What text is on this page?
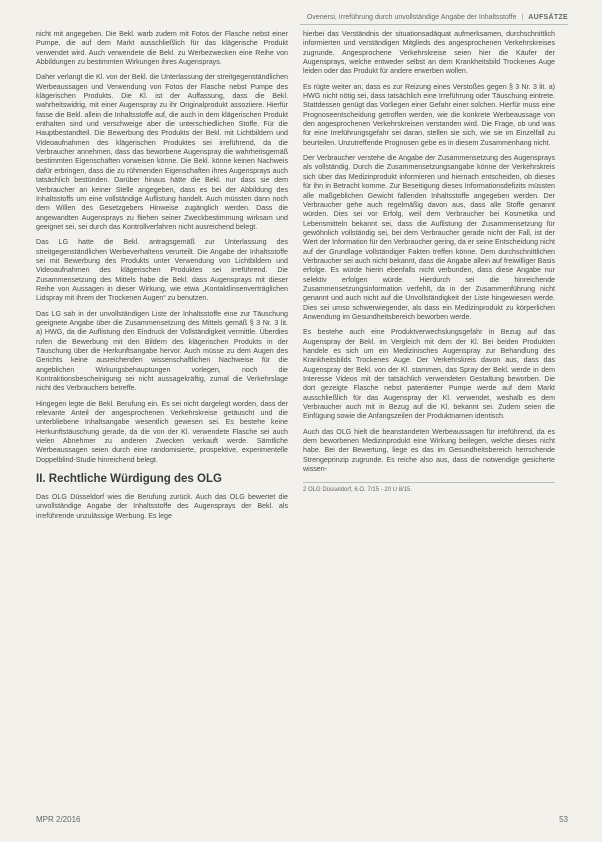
Ovenersi, Irreführung durch unvollständige Angabe der Inhaltsstoffe | AUFSÄTZE

nicht mit angegeben. Die Bekl. warb zudem mit Fotos der Flasche nebst einer Pumpe, die auf dem Markt ausschließlich für das klägerische Produkt verwendet wird. Auch verwendete die Bekl. zu Werbezwecken eine Reihe von Abbildungen zu bestimmten Wirkungen ihres Augensprays.

Daher verlangt die Kl. von der Bekl. die Unterlassung der streitgegenständlichen Werbeaussagen und Verwendung von Fotos der Flasche nebst Pumpe des klägerischen Produkts. Die Kl. ist der Auffassung, dass die Bekl. wahrheitswidrig, mit einer Augenspray zu ihr Originalprodukt assoziiere. Hierfür fasse die Bekl. allein die Inhaltsstoffe auf, die auch in dem klägerischen Produkt enthalten sind und verschweige aber die unterschiedlichen Stoffe. Für die Hauptbestandteil. Die Bewerbung des Produkts der Bekl. mit Lichtbildern und Videoaufnahmen des klägerischen Produktes sei irreführend, da die Verbraucher annehmen, dass das beworbene Augenspray die wahrheitsgemäß bestimmten Eigenschaften vorweisen könne. Die Bekl. könne keinen Nachweis dafür erbringen, dass die zu rühmenden Eigenschaften ihres Augensprays auch tatsächlich bestünden. Darüber hinaus hätte die Bekl. nur dass sie dem Verbraucher an keiner Stelle angegeben, dass es bei der Abbildung des Inhaltsstoffs um eine vollständige Auflistung handelt. Auch müssten dann noch dem Willen des Gesetzgebers Hinweise zugänglich werden. Dass die angewandten Augensprays zu fliehen seiner Zweckbestimmung wirksam und geeignet sei, sei durch das Kontrollverfahren nicht ausreichend belegt.

Das LG hatte die Bekl. antragsgemäß zur Unterlassung des streitgegenständlichen Werbeverhaltens verurteilt. Die Angabe der Inhaltsstoffe sei mit Bewerbung des Produkts unter Verwendung von Lichtbildern und Videoaufnahmen des klägerischen Produktes sei irreführend. Die Zusammensetzung des Mittels habe die Bekl. dass Augensprays mit dieser Reihe von Aussagen in dieser Wirkung, wie etwa „Kontaktlinsenverträglichen Lidspray mit ihrem der Trockenen Augen“ zu benutzen.

Das LG sah in der unvollständigen Liste der Inhaltsstoffe eine zur Täuschung geeignete Angabe über die Zusammensetzung des Mittels gemäß § 3 Nr. 3 lit. a) HWG, da die Auflistung den Eindruck der Vollständigkeit vermittle. Überdies rufen die Bewerbung mit den Bildern des klägerischen Produkts in der Täuschung über die Herkunftsangabe hervor. Auch müsse zu dem Augen des Gerichts keine ausreichenden wissenschaftlichen Nachweise für die angeblichen Wirkungsbehauptungen vorlegen, noch die Kontraktionsbescheinigung sei nicht aussagekräftig, zumal die Verkehrslage nicht des Verbrauchers betreffe.

Hingegen legte die Bekl. Berufung ein. Es sei nicht dargelegt worden, dass der relevante Anteil der angesprochenen Verkehrskreise getäuscht und die unterbliebene Inhaltsangabe wesentlich gewesen sei. Es bestehe keine Herkunftstäuschung gerade, da die von der Kl. verwendete Flasche sei auch vielen Abnehmer zu anderen Zwecken verkauft werde. Sämtliche Werbeaussagen seien durch eine randomisierte, prospektive, experimentelle Doppelblind-Studie hinreichend belegt.

II. Rechtliche Würdigung des OLG

Das OLG Düsseldorf wies die Berufung zurück. Auch das OLG bewertet die unvollständige Angabe der Inhaltsstoffe des Augensprays der Bekl. als irreführende unzulässige Werbung. Es lege

hierbei das Verständnis der situationsadäquat aufmerksamen, durchschnittlich informierten und verständigen Mitglieds des angesprochenen Verkehrskreises zugrunde. Angesprochene Verkehrskreise seien hier die Käufer der Augensprays, welche entweder selbst an dem Krankheitsbild Trockenes Auge leiden oder das Produkt für andere erwerben wollen.

Es rügte weiter an, dass es zur Reizung eines Verstoßes gegen § 3 Nr. 3 lit. a) HWG nicht nötig sei, dass tatsächlich eine Irreführung oder Täuschung eintrete. Stattdessen genügt das Vorliegen einer Gefahr einer solchen. Hierfür muss eine Prognoseentscheidung getroffen werden, wie die konkrete Werbeaussage von den angesprochenen Verkehrskreisen verstanden wird. Die Frage, ob und was für eine Irreführungsgefahr sei daran, stellen sie sich, wie sie im Einzelfall zu beurteilen. Unzutreffende Prognosen gebe es in diesem Zusammenhang nicht.

Der Verbraucher verstehe die Angabe der Zusammensetzung des Augensprays als vollständig. Durch die Zusammensetzungsangabe könne der Verkehrskreis sich über das Medizinprodukt informieren und hiernach entscheiden, ob dieses für ihn in Betracht komme. Zur Beseitigung dieses Informationsdefizits müssten alle maßgeblichen Gewicht fallenden Inhaltsstoffe angegeben werden. Der Verbraucher gehe auch regelmäßig davon aus, dass alle Stoffe genannt würden. Dies sei vor Erfolg, weil dem Verbraucher bei Kosmetika und Lebensmitteln bekannt sei, dass die Auflistung der Zusammensetzung für gewöhnlich vollständig sei, bei dem Verbraucher gerade nicht der Fall, ist der Wert der Information für den Verbraucher gering, da er seine Entscheidung nicht auf der Grundlage vollständiger Fakten treffen könne. Dem durchschnittlichen Verbraucher sei auch nicht bekannt, dass die Angabe allein auf freiwilliger Basis erfolge. Es würde hierin ebenfalls nicht verbunden, dass diese Angabe nur selektiv erfolgen würde. Hierdurch sei die hinreichende Zusammensetzungsinformation verfehlt, da in der Zusammenführung nicht genannt und auch nicht auf die Unvollständigkeit der Liste hingewiesen werde. Dies sei umso schwerwiegender, als dass ein Medizinprodukt zu körperlichen Anwendung im Gesundheitsbereich beworben werde.

Es bestehe auch eine Produktverwechslungsgefahr in Bezug auf das Augenspray der Bekl. im Vergleich mit dem der Kl. Bei beiden Produkten handele es sich um ein Medizinisches Augenspray zur Behandlung des Krankheitsbilds Trockenes Auge. Der Verkehrskreis davon aus, dass das Augenspray der Bekl. von der Kl. stammen, das Spray der Bekl. werde in dem Interesse Videos mit der tatsächlich verwendeten Gestaltung beworben. Die dort gezeigte Flasche nebst patentierter Pumpe werde auf dem Markt ausschließlich für das Augenspray der Kl. verwendet, weshalb es dem Verbraucher auch mit in Bezug auf die Kl. bekannt sei. Zudem seien die Einfügung sowie die Anfangszeilen der Produktnamen identisch.

Auch das OLG hielt die beanstandeten Werbeaussagen für irreführend, da es dem beworbenen Medizinprodukt eine Wirkung beilegen, welche dieses nicht habe. Bei der Bewertung, liege es das im Gesundheitsbereich herrschende Strengeprinzip zugrunde. Es reiche also aus, dass die notwendige gesicherte wissen-

2 OLG Düsseldorf, 6.O. 7/15 - 20 U 8/15.
MPR 2/2016	53
